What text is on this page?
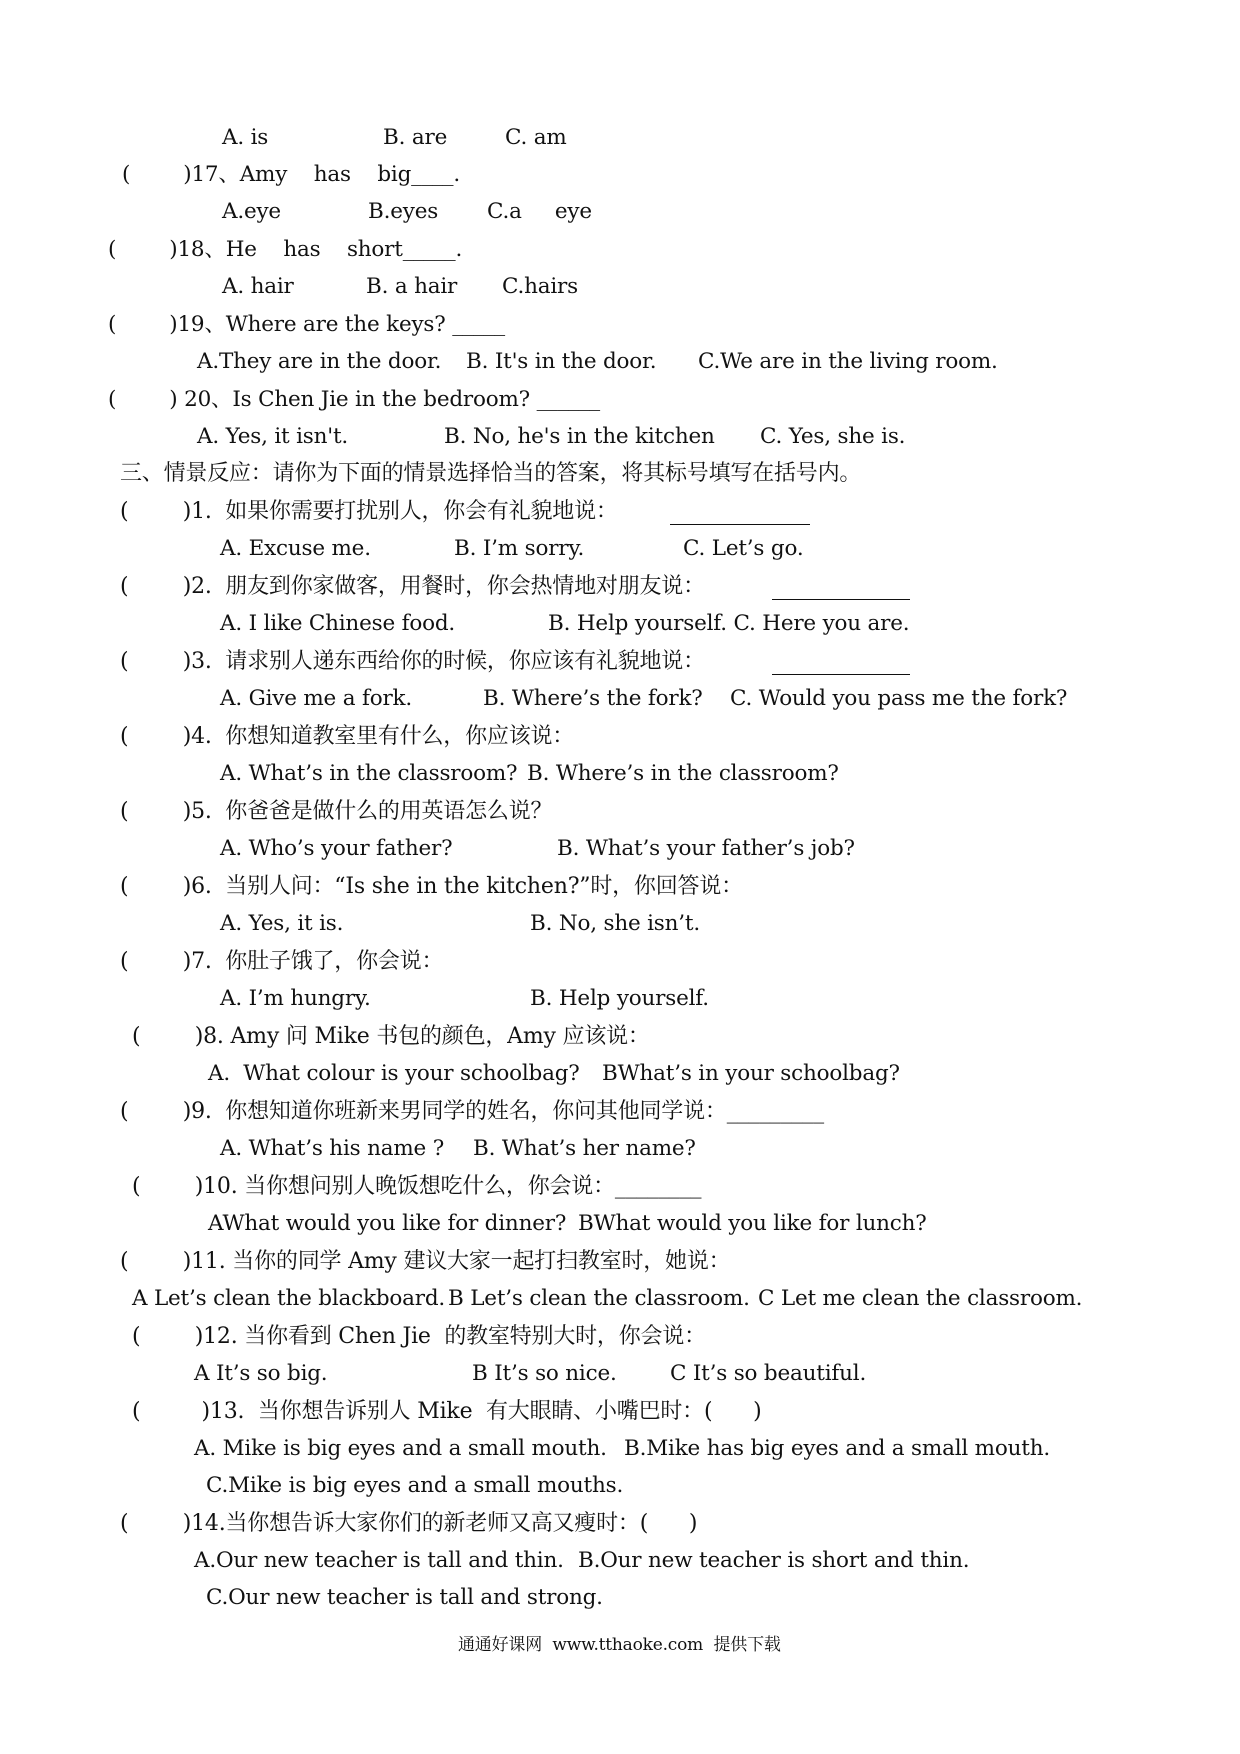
A. is	B. are	C. am
(        )17、Amy    has    big____.
A.eye	B.eyes C.a     eye
(        )18、He    has    short_____.
A. hair	B. a hair C.hairs
(        )19、Where are the keys? _____
A.They are in the door. B. It's in the door. C.We are in the living room.
(        ) 20、Is Chen Jie in the bedroom? ______
A. Yes, it isn't.	B. No, he's in the kitchen C. Yes, she is.
三、情景反应：请你为下面的情景选择恰当的答案，将其标号填写在括号内。
(        )1.  如果你需要打扰别人，你会有礼貌地说：
A. Excuse me.	B. I’m sorry.	C. Let’s go.
(        )2.  朋友到你家做客，用餐时，你会热情地对朋友说：
A. I like Chinese food.	B. Help yourself. C. Here you are.
(        )3.  请求别人递东西给你的时候，你应该有礼貌地说：
A. Give me a fork.	B. Where’s the fork? C. Would you pass me the fork?
(        )4.  你想知道教室里有什么，你应该说：
A. What’s in the classroom? B. Where’s in the classroom?
(        )5.  你爸爸是做什么的用英语怎么说？
A. Who’s your father?	B. What’s your father’s job?
(        )6.  当别人问：“Is she in the kitchen?”时，你回答说：
A. Yes, it is.	B. No, she isn’t.
(        )7.  你肚子饿了，你会说：
A. I’m hungry.	B. Help yourself.
(        )8. Amy 问 Mike 书包的颜色，Amy 应该说：
A.  What colour is your schoolbag? BWhat’s in your schoolbag?
(        )9.  你想知道你班新来男同学的姓名，你问其他同学说：_________
A. What’s his name ? B. What’s her name?
(        )10. 当你想问别人晚饭想吃什么，你会说：________
AWhat would you like for dinner? BWhat would you like for lunch?
(        )11. 当你的同学 Amy 建议大家一起打扫教室时，她说：
A Let’s clean the blackboard. B Let’s clean the classroom. C Let me clean the classroom.
(        )12. 当你看到 Chen Jie  的教室特别大时，你会说：
A It’s so big.	B It’s so nice. C It’s so beautiful.
(         )13.  当你想告诉别人 Mike  有大眼睛、小嘴巴时：(      )
A. Mike is big eyes and a small mouth. B.Mike has big eyes and a small mouth.
C.Mike is big eyes and a small mouths.
(        )14.当你想告诉大家你们的新老师又高又瘦时：(      )
A.Our new teacher is tall and thin. B.Our new teacher is short and thin.
C.Our new teacher is tall and strong.
通通好课网  www.tthaoke.com  提供下载
